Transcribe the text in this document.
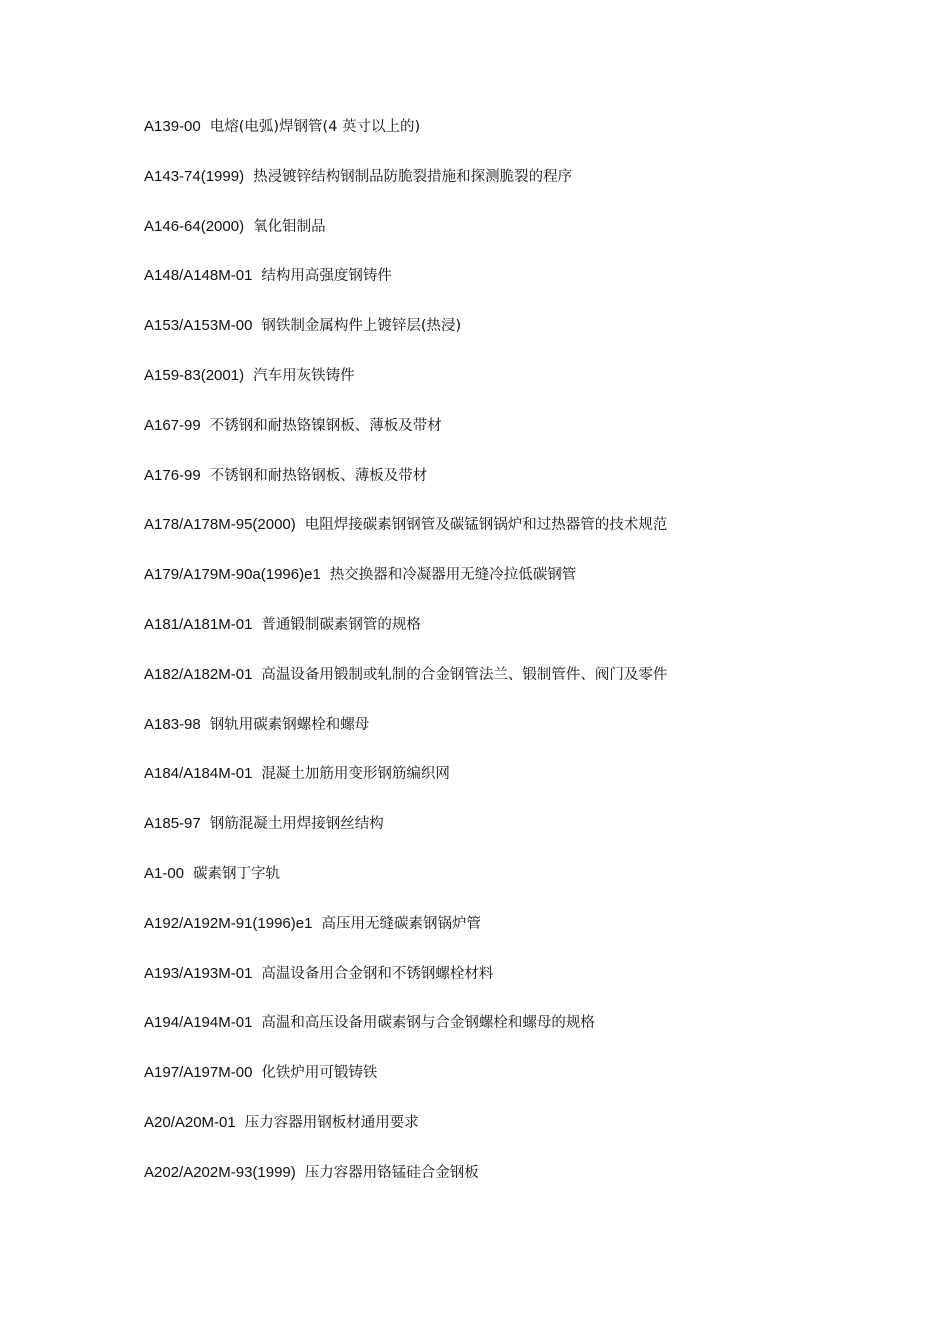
A139-00 电熔(电弧)焊钢管(4 英寸以上的)
A143-74(1999) 热浸镀锌结构钢制品防脆裂措施和探测脆裂的程序
A146-64(2000) 氧化钼制品
A148/A148M-01 结构用高强度钢铸件
A153/A153M-00 钢铁制金属构件上镀锌层(热浸)
A159-83(2001) 汽车用灰铁铸件
A167-99 不锈钢和耐热铬镍钢板、薄板及带材
A176-99 不锈钢和耐热铬钢板、薄板及带材
A178/A178M-95(2000) 电阻焊接碳素钢钢管及碳锰钢锅炉和过热器管的技术规范
A179/A179M-90a(1996)e1 热交换器和冷凝器用无缝冷拉低碳钢管
A181/A181M-01 普通锻制碳素钢管的规格
A182/A182M-01 高温设备用锻制或轧制的合金钢管法兰、锻制管件、阀门及零件
A183-98 钢轨用碳素钢螺栓和螺母
A184/A184M-01 混凝土加筋用变形钢筋编织网
A185-97 钢筋混凝土用焊接钢丝结构
A1-00 碳素钢丁字轨
A192/A192M-91(1996)e1 高压用无缝碳素钢锅炉管
A193/A193M-01 高温设备用合金钢和不锈钢螺栓材料
A194/A194M-01 高温和高压设备用碳素钢与合金钢螺栓和螺母的规格
A197/A197M-00 化铁炉用可锻铸铁
A20/A20M-01 压力容器用钢板材通用要求
A202/A202M-93(1999) 压力容器用铬锰硅合金钢板
